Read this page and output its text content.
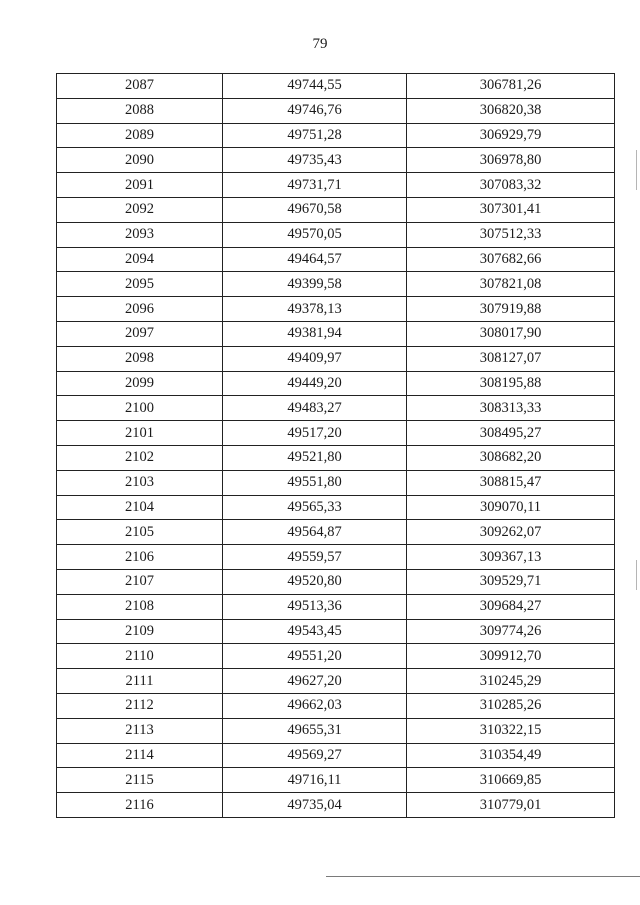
79
2087	49744,55	306781,26
2088	49746,76	306820,38
2089	49751,28	306929,79
2090	49735,43	306978,80
2091	49731,71	307083,32
2092	49670,58	307301,41
2093	49570,05	307512,33
2094	49464,57	307682,66
2095	49399,58	307821,08
2096	49378,13	307919,88
2097	49381,94	308017,90
2098	49409,97	308127,07
2099	49449,20	308195,88
2100	49483,27	308313,33
2101	49517,20	308495,27
2102	49521,80	308682,20
2103	49551,80	308815,47
2104	49565,33	309070,11
2105	49564,87	309262,07
2106	49559,57	309367,13
2107	49520,80	309529,71
2108	49513,36	309684,27
2109	49543,45	309774,26
2110	49551,20	309912,70
2111	49627,20	310245,29
2112	49662,03	310285,26
2113	49655,31	310322,15
2114	49569,27	310354,49
2115	49716,11	310669,85
2116	49735,04	310779,01
